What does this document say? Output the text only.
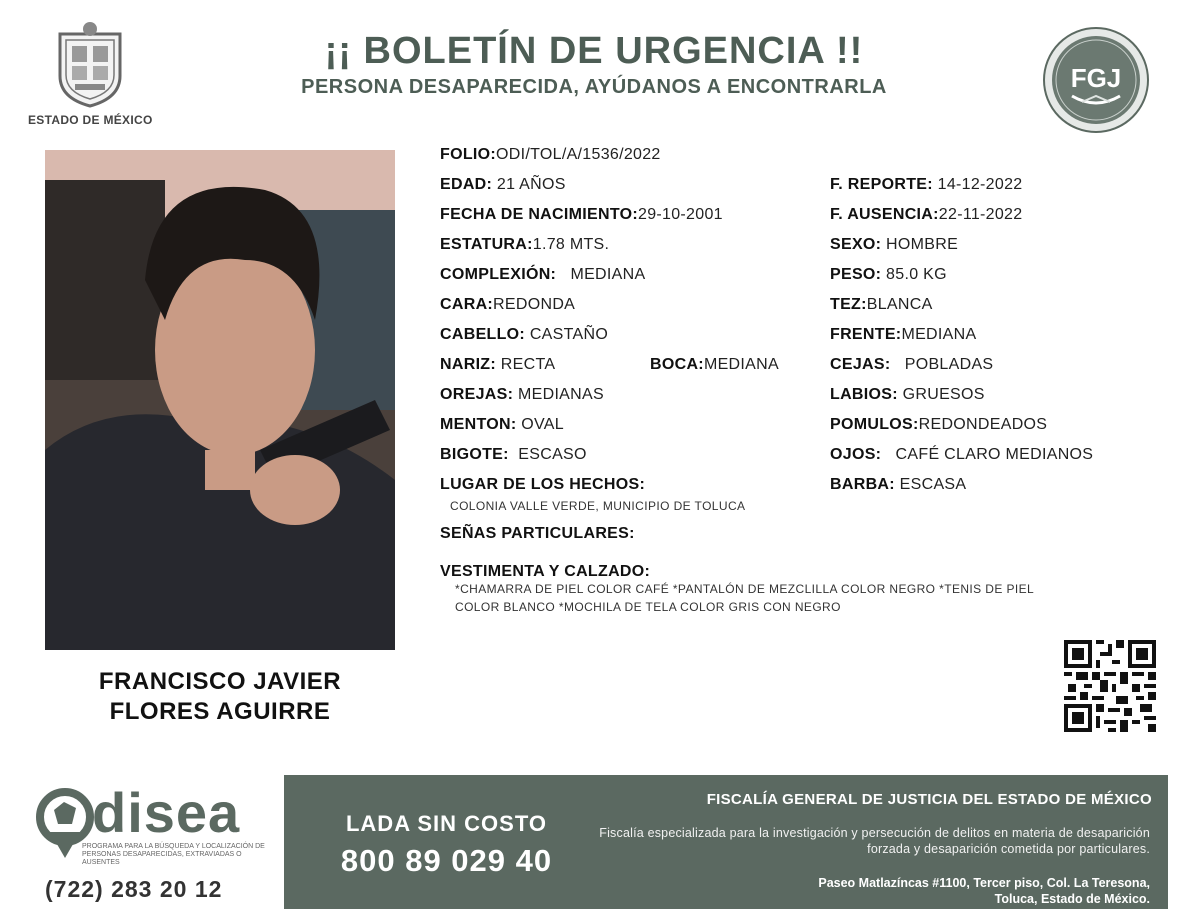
ESTADO DE MÉXICO
¡¡ BOLETÍN DE URGENCIA !!
PERSONA DESAPARECIDA, AYÚDANOS A ENCONTRARLA	FGJ
FRANCISCO JAVIER
FLORES AGUIRRE
FOLIO:ODI/TOL/A/1536/2022
EDAD: 21 AÑOS
FECHA DE NACIMIENTO:29-10-2001
ESTATURA:1.78 MTS.
COMPLEXIÓN: MEDIANA
CARA:REDONDA
CABELLO: CASTAÑO
NARIZ: RECTA	BOCA:MEDIANA
OREJAS: MEDIANAS
MENTON: OVAL
BIGOTE: ESCASO
LUGAR DE LOS HECHOS:
COLONIA VALLE VERDE, MUNICIPIO DE TOLUCA
SEÑAS PARTICULARES:
VESTIMENTA Y CALZADO:
*CHAMARRA DE PIEL COLOR CAFÉ *PANTALÓN DE MEZCLILLA COLOR NEGRO *TENIS DE PIEL
COLOR BLANCO *MOCHILA DE TELA COLOR GRIS CON NEGRO
F. REPORTE: 14-12-2022
F. AUSENCIA:22-11-2022
SEXO: HOMBRE
PESO: 85.0 KG
TEZ:BLANCA
FRENTE:MEDIANA
CEJAS: POBLADAS
LABIOS: GRUESOS
POMULOS:REDONDEADOS
OJOS: CAFÉ CLARO MEDIANOS
BARBA: ESCASA
disea
PROGRAMA PARA LA BÚSQUEDA Y LOCALIZACIÓN DE PERSONAS DESAPARECIDAS, EXTRAVIADAS O AUSENTES
(722) 283 20 12
LADA SIN COSTO
800 89 029 40
FISCALÍA GENERAL DE JUSTICIA DEL ESTADO DE MÉXICO
Fiscalía especializada para la investigación y persecución de delitos en materia de desaparición forzada y desaparición cometida por particulares.
Paseo Matlazíncas #1100, Tercer piso, Col. La Teresona,
Toluca, Estado de México.
